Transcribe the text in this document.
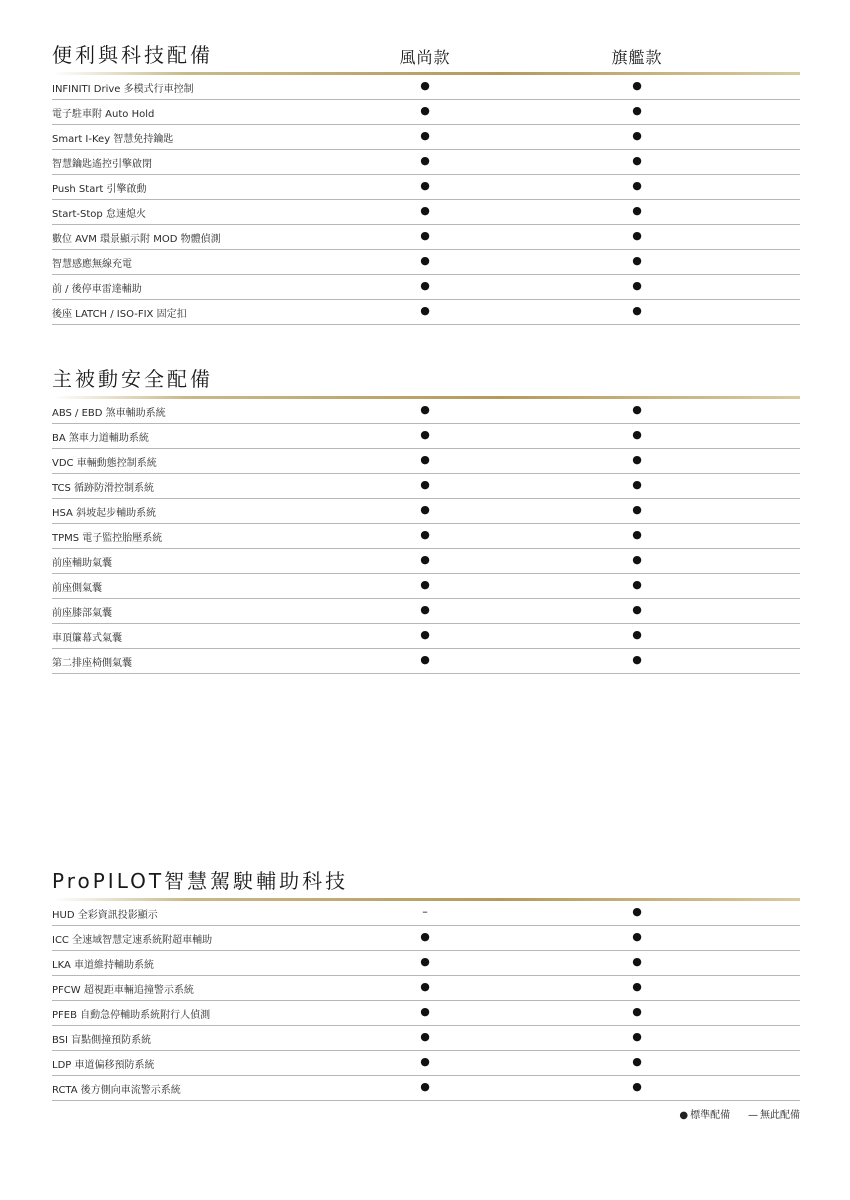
便利與科技配備	風尚款	旗艦款
INFINITI Drive 多模式行車控制	●	●
電子駐車附 Auto Hold	●	●
Smart I-Key 智慧免持鑰匙	●	●
智慧鑰匙遙控引擎啟閉	●	●
Push Start 引擎啟動	●	●
Start-Stop 怠速熄火	●	●
數位 AVM 環景顯示附 MOD 物體偵測	●	●
智慧感應無線充電	●	●
前 / 後停車雷達輔助	●	●
後座 LATCH / ISO-FIX 固定扣	●	●
主被動安全配備
ABS / EBD 煞車輔助系統	●	●
BA 煞車力道輔助系統	●	●
VDC 車輛動態控制系統	●	●
TCS 循跡防滑控制系統	●	●
HSA 斜坡起步輔助系統	●	●
TPMS 電子監控胎壓系統	●	●
前座輔助氣囊	●	●
前座側氣囊	●	●
前座膝部氣囊	●	●
車頂簾幕式氣囊	●	●
第二排座椅側氣囊	●	●
ProPILOT智慧駕駛輔助科技
HUD 全彩資訊投影顯示	–	●
ICC 全速域智慧定速系統附超車輔助	●	●
LKA 車道維持輔助系統	●	●
PFCW 超視距車輛追撞警示系統	●	●
PFEB 自動急停輔助系統附行人偵測	●	●
BSI 盲點側撞預防系統	●	●
LDP 車道偏移預防系統	●	●
RCTA 後方側向車流警示系統	●	●
● 標準配備 — 無此配備
